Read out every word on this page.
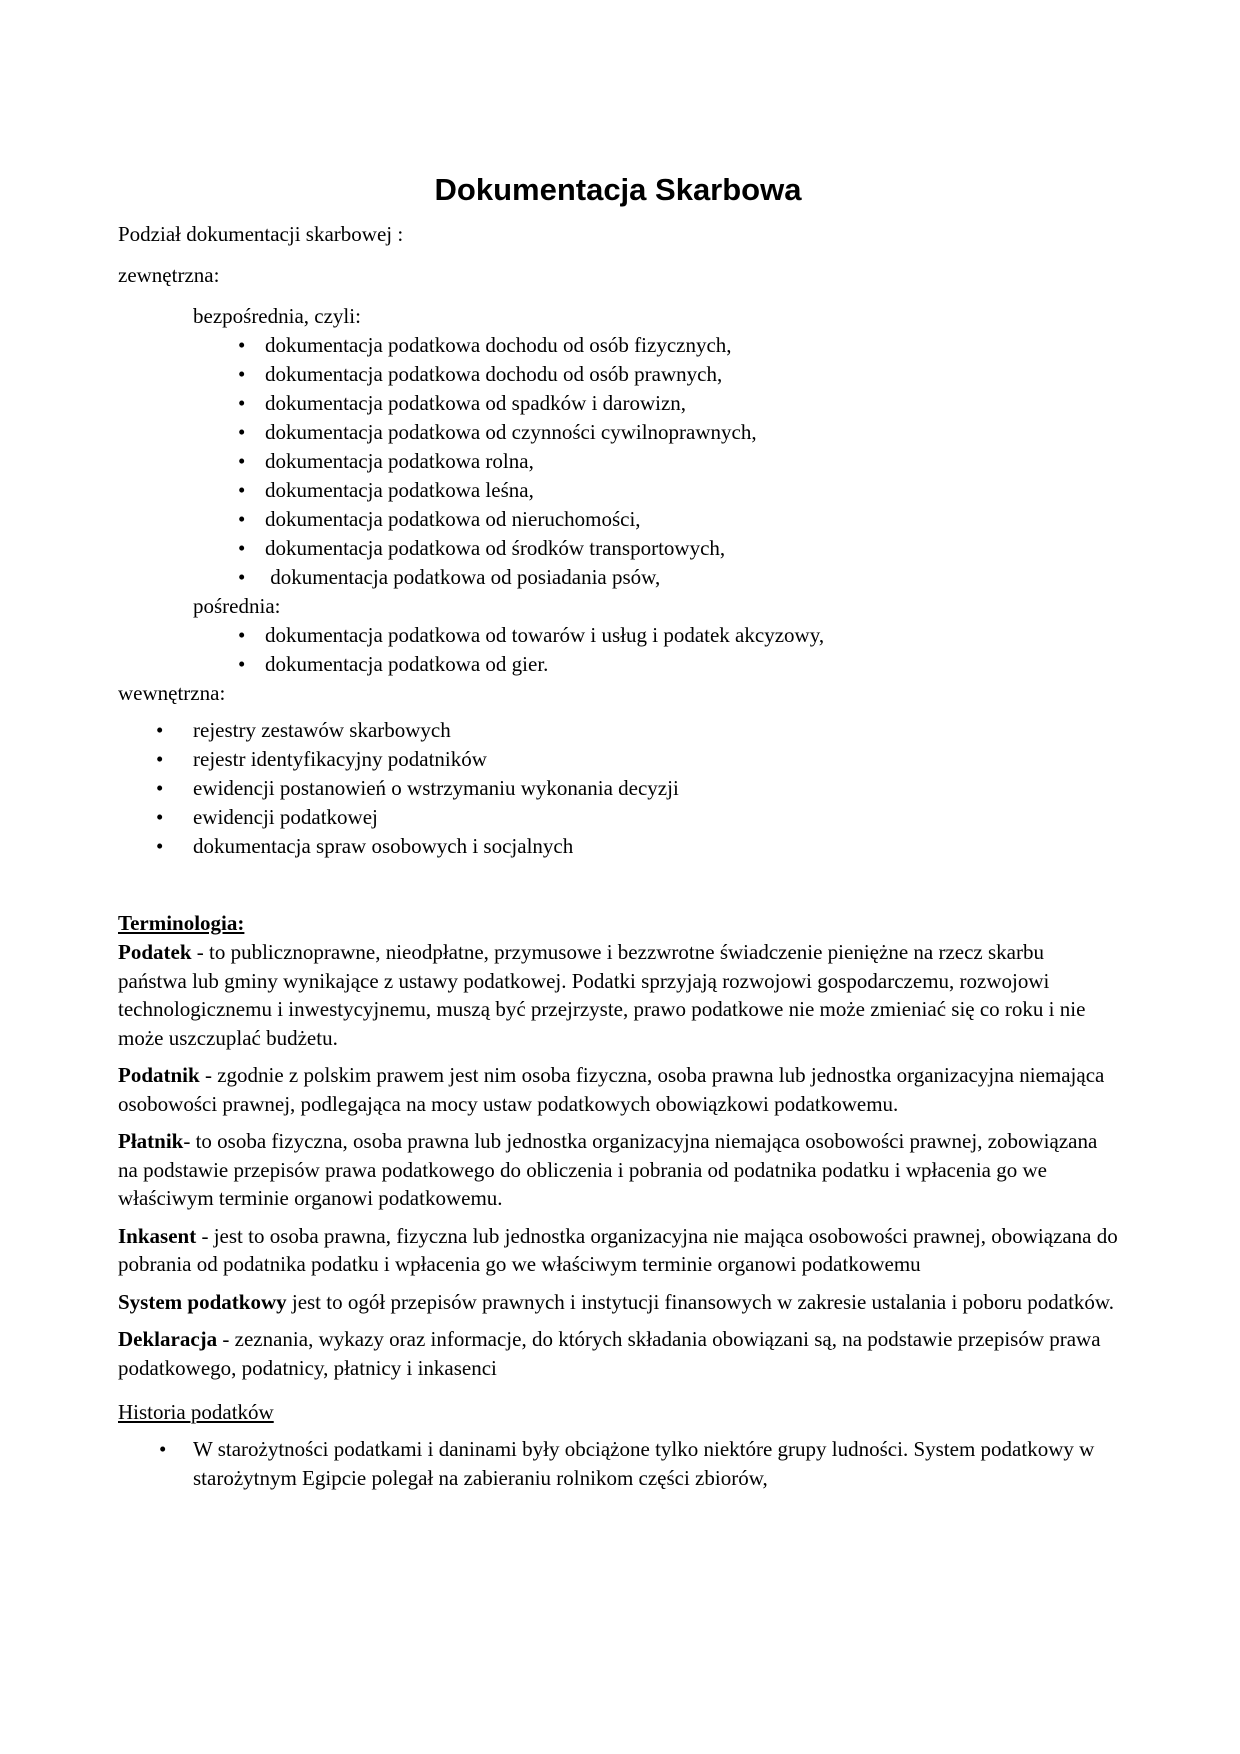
Dokumentacja Skarbowa

Podział dokumentacji skarbowej :

zewnętrzna:

bezpośrednia, czyli:

• dokumentacja podatkowa dochodu od osób fizycznych,
• dokumentacja podatkowa dochodu od osób prawnych,
• dokumentacja podatkowa od spadków i darowizn,
• dokumentacja podatkowa od czynności cywilnoprawnych,
• dokumentacja podatkowa rolna,
• dokumentacja podatkowa leśna,
• dokumentacja podatkowa od nieruchomości,
• dokumentacja podatkowa od środków transportowych,
• dokumentacja podatkowa od posiadania psów,

pośrednia:

• dokumentacja podatkowa od towarów i usług i podatek akcyzowy,
• dokumentacja podatkowa od gier.

wewnętrzna:

• rejestry zestawów skarbowych
• rejestr identyfikacyjny podatników
• ewidencji postanowień o wstrzymaniu wykonania decyzji
• ewidencji podatkowej
• dokumentacja spraw osobowych i socjalnych

Terminologia:

Podatek - to publicznoprawne, nieodpłatne, przymusowe i bezzwrotne świadczenie pieniężne na rzecz skarbu państwa lub gminy wynikające z ustawy podatkowej. Podatki sprzyjają rozwojowi gospodarczemu, rozwojowi technologicznemu i inwestycyjnemu, muszą być przejrzyste, prawo podatkowe nie może zmieniać się co roku i nie może uszczuplać budżetu.

Podatnik - zgodnie z polskim prawem jest nim osoba fizyczna, osoba prawna lub jednostka organizacyjna niemająca osobowości prawnej, podlegająca na mocy ustaw podatkowych obowiązkowi podatkowemu.

Płatnik- to osoba fizyczna, osoba prawna lub jednostka organizacyjna niemająca osobowości prawnej, zobowiązana na podstawie przepisów prawa podatkowego do obliczenia i pobrania od podatnika podatku i wpłacenia go we właściwym terminie organowi podatkowemu.

Inkasent - jest to osoba prawna, fizyczna lub jednostka organizacyjna nie mająca osobowości prawnej, obowiązana do pobrania od podatnika podatku i wpłacenia go we właściwym terminie organowi podatkowemu

System podatkowy jest to ogół przepisów prawnych i instytucji finansowych w zakresie ustalania i poboru podatków.

Deklaracja - zeznania, wykazy oraz informacje, do których składania obowiązani są, na podstawie przepisów prawa podatkowego, podatnicy, płatnicy i inkasenci

Historia podatków

• W starożytności podatkami i daninami były obciążone tylko niektóre grupy ludności. System podatkowy w starożytnym Egipcie polegał na zabieraniu rolnikom części zbiorów,
